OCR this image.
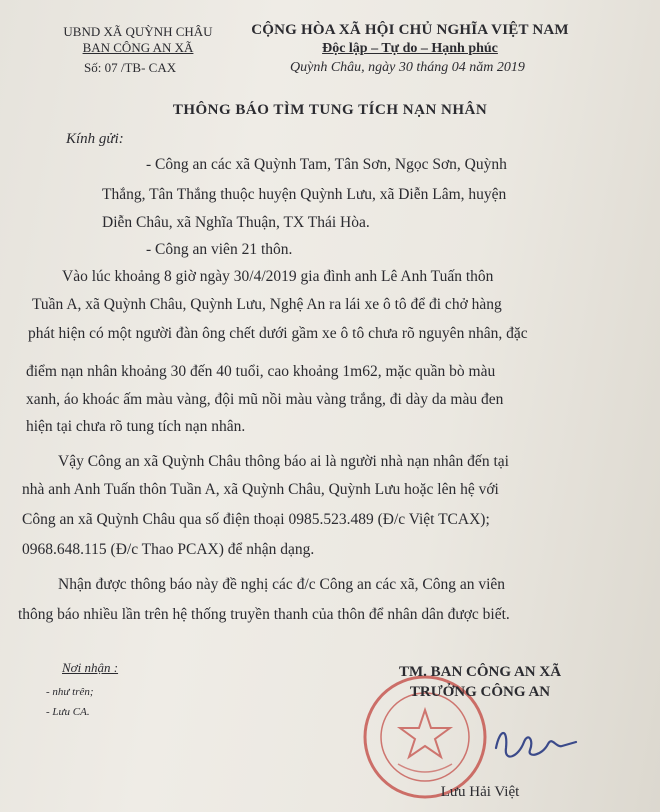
UBND XÃ QUỲNH CHÂU
BAN CÔNG AN XÃ
Số: 07 /TB- CAX
CỘNG HÒA XÃ HỘI CHỦ NGHĨA VIỆT NAM
Độc lập – Tự do – Hạnh phúc
Quỳnh Châu, ngày 30 tháng 04 năm 2019
THÔNG BÁO TÌM TUNG TÍCH NẠN NHÂN
Kính gửi:
- Công an các xã Quỳnh Tam, Tân Sơn, Ngọc Sơn, Quỳnh
Thắng, Tân Thắng thuộc huyện Quỳnh Lưu, xã Diễn Lâm, huyện
Diễn Châu, xã Nghĩa Thuận, TX Thái Hòa.
- Công an viên 21 thôn.
Vào lúc khoảng 8 giờ ngày 30/4/2019 gia đình anh Lê Anh Tuấn thôn
Tuần A, xã Quỳnh Châu, Quỳnh Lưu, Nghệ An ra lái xe ô tô để đi chở hàng
phát hiện có một người đàn ông chết dưới gầm xe ô tô chưa rõ nguyên nhân, đặc
điểm nạn nhân khoảng 30 đến 40 tuổi, cao khoảng 1m62, mặc quần bò màu
xanh, áo khoác ấm màu vàng, đội mũ nồi màu vàng trắng, đi dày da màu đen
hiện tại chưa rõ tung tích nạn nhân.
Vậy Công an xã Quỳnh Châu thông báo ai là người nhà nạn nhân đến tại
nhà anh Anh Tuấn thôn Tuần A, xã Quỳnh Châu, Quỳnh Lưu hoặc lên hệ với
Công an xã Quỳnh Châu qua số điện thoại 0985.523.489 (Đ/c Việt TCAX);
0968.648.115 (Đ/c Thao PCAX) để nhận dạng.
Nhận được thông báo này đề nghị các đ/c Công an các xã, Công an viên
thông báo nhiều lần trên hệ thống truyền thanh của thôn để nhân dân được biết.
Nơi nhận :
- như trên;
- Lưu CA.
TM. BAN CÔNG AN XÃ
TRƯỞNG CÔNG AN
Lưu Hải Việt
